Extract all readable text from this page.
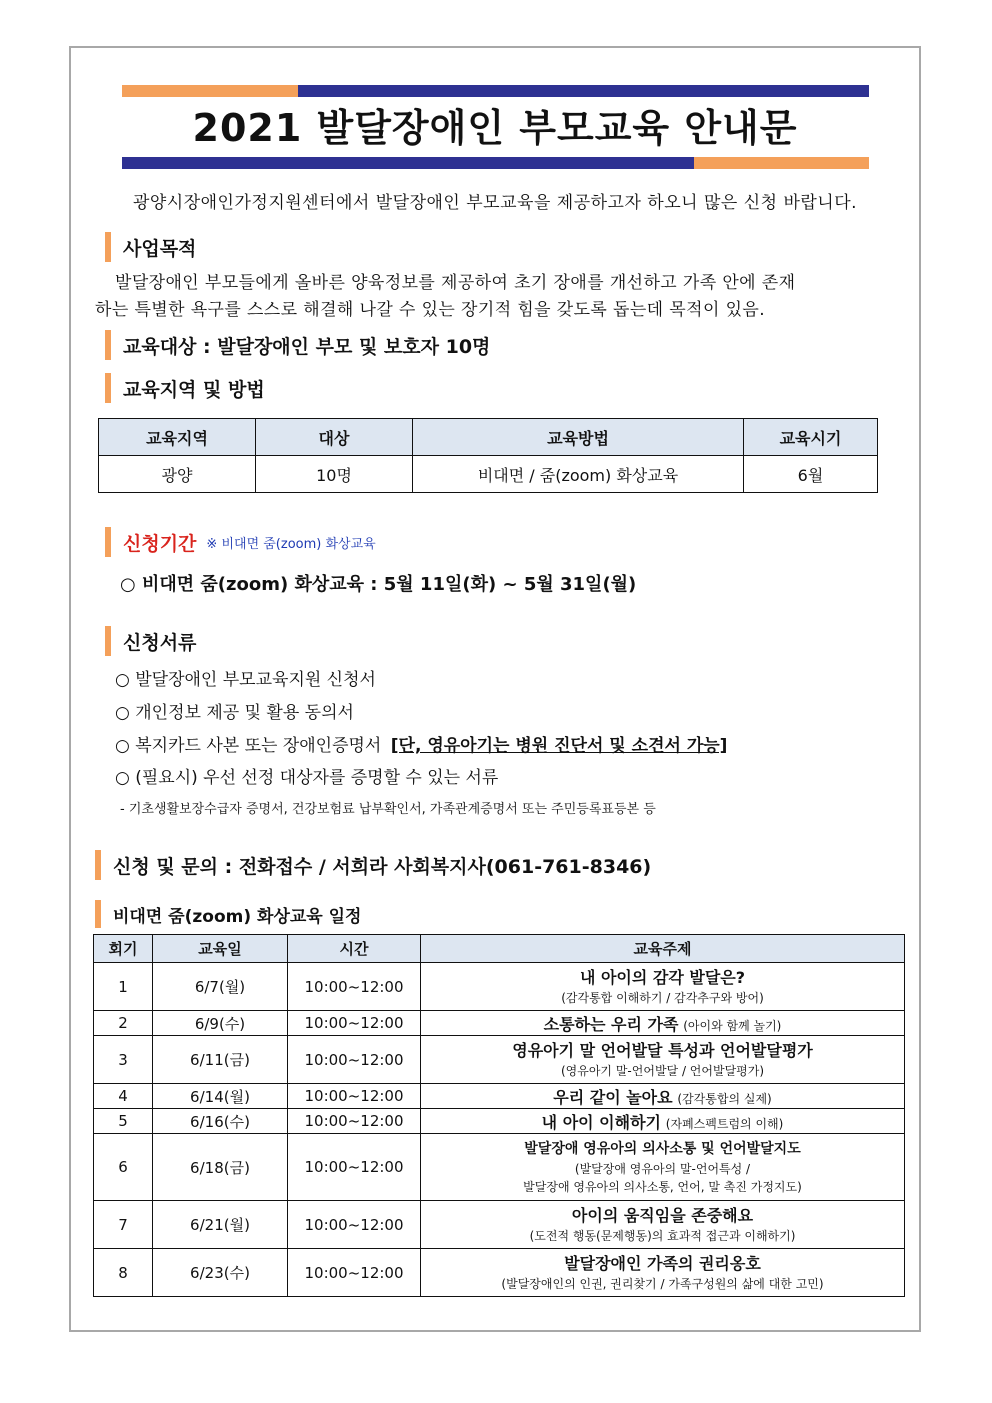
2021 발달장애인 부모교육 안내문
광양시장애인가정지원센터에서 발달장애인 부모교육을 제공하고자 하오니 많은 신청 바랍니다.
사업목적
발달장애인 부모들에게 올바른 양육정보를 제공하여 초기 장애를 개선하고 가족 안에 존재
하는 특별한 욕구를 스스로 해결해 나갈 수 있는 장기적 힘을 갖도록 돕는데 목적이 있음.
교육대상 : 발달장애인 부모 및 보호자 10명
교육지역 및 방법
교육지역	대상	교육방법	교육시기
광양	10명	비대면 / 줌(zoom) 화상교육	6월
신청기간 ※ 비대면 줌(zoom) 화상교육
○ 비대면 줌(zoom) 화상교육 : 5월 11일(화) ~ 5월 31일(월)
신청서류
○ 발달장애인 부모교육지원 신청서
○ 개인정보 제공 및 활용 동의서
○ 복지카드 사본 또는 장애인증명서 [단, 영유아기는 병원 진단서 및 소견서 가능]
○ (필요시) 우선 선정 대상자를 증명할 수 있는 서류
- 기초생활보장수급자 증명서, 건강보험료 납부확인서, 가족관계증명서 또는 주민등록표등본 등
신청 및 문의 : 전화접수 / 서희라 사회복지사(061-761-8346)
비대면 줌(zoom) 화상교육 일정
회기	교육일	시간	교육주제
1	6/7(월)	10:00~12:00	내 아이의 감각 발달은?
(감각통합 이해하기 / 감각추구와 방어)

2	6/9(수)	10:00~12:00	소통하는 우리 가족 (아이와 함께 놀기)
3	6/11(금)	10:00~12:00	영유아기 말 언어발달 특성과 언어발달평가
(영유아기 말-언어발달 / 언어발달평가)

4	6/14(월)	10:00~12:00	우리 같이 놀아요 (감각통합의 실제)
5	6/16(수)	10:00~12:00	내 아이 이해하기 (자폐스펙트럼의 이해)
6	6/18(금)	10:00~12:00	발달장애 영유아의 의사소통 및 언어발달지도
(발달장애 영유아의 말-언어특성 /
발달장애 영유아의 의사소통, 언어, 말 촉진 가정지도)

7	6/21(월)	10:00~12:00	아이의 움직임을 존중해요
(도전적 행동(문제행동)의 효과적 접근과 이해하기)

8	6/23(수)	10:00~12:00	발달장애인 가족의 권리옹호
(발달장애인의 인권, 권리찾기 / 가족구성원의 삶에 대한 고민)
